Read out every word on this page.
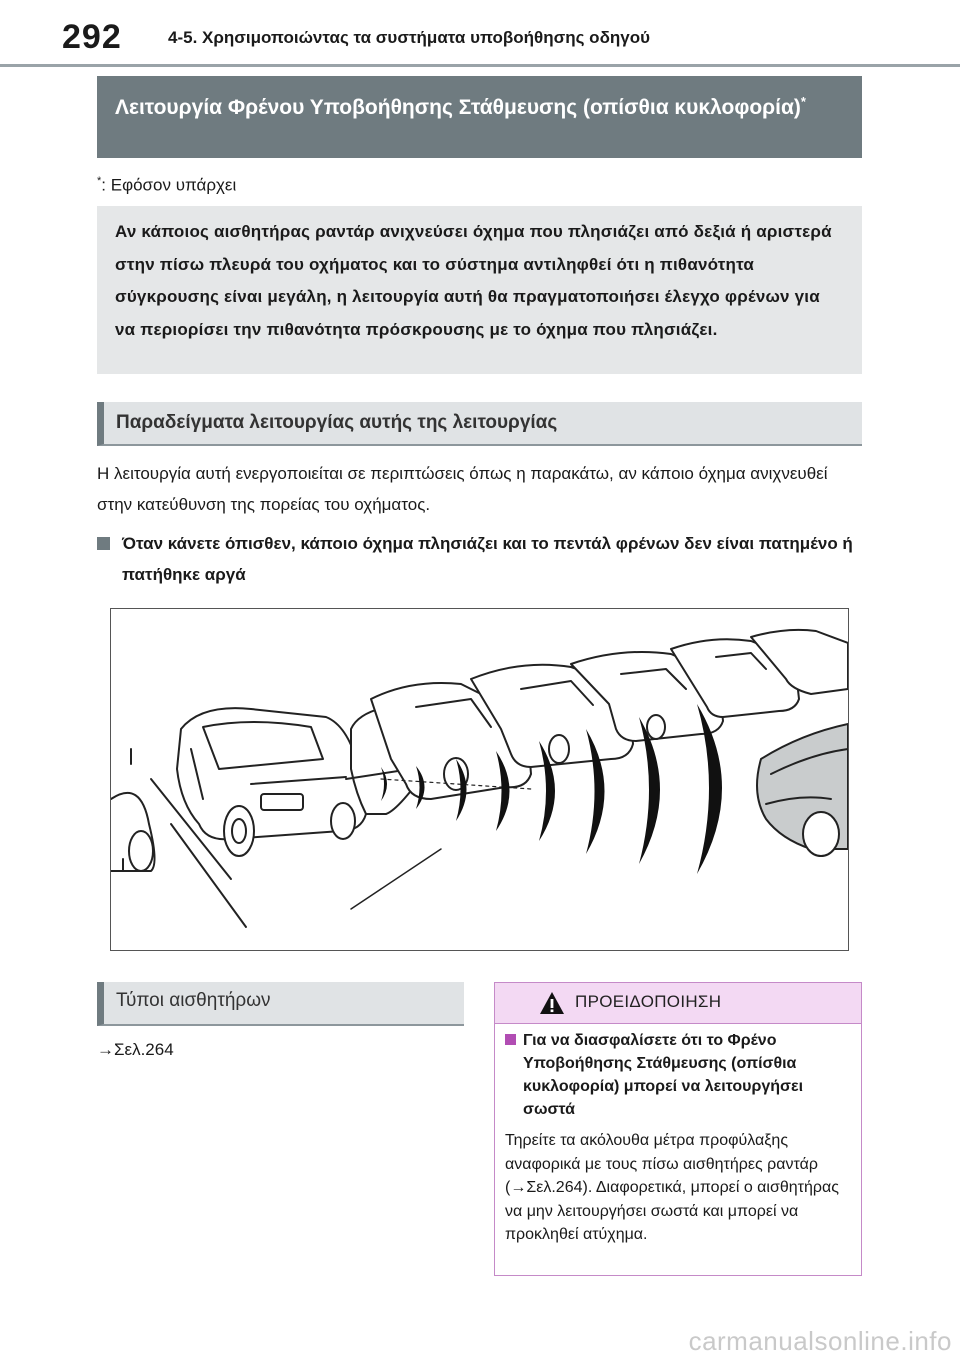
292	4-5. Χρησιμοποιώντας τα συστήματα υποβοήθησης οδηγού
Λειτουργία Φρένου Υποβοήθησης Στάθμευσης (οπίσθια κυκλοφορία)*
*: Εφόσον υπάρχει
Αν κάποιος αισθητήρας ραντάρ ανιχνεύσει όχημα που πλησιάζει από δεξιά ή αριστερά στην πίσω πλευρά του οχήματος και το σύστημα αντιληφθεί ότι η πιθανότητα σύγκρουσης είναι μεγάλη, η λειτουργία αυτή θα πραγματοποιήσει έλεγχο φρένων για να περιορίσει την πιθανότητα πρόσκρουσης με το όχημα που πλησιάζει.
Παραδείγματα λειτουργίας αυτής της λειτουργίας
Η λειτουργία αυτή ενεργοποιείται σε περιπτώσεις όπως η παρακάτω, αν κάποιο όχημα ανιχνευθεί στην κατεύθυνση της πορείας του οχήματος.
Όταν κάνετε όπισθεν, κάποιο όχημα πλησιάζει και το πεντάλ φρένων δεν είναι πατημένο ή πατήθηκε αργά
Τύποι αισθητήρων
→Σελ.264
ΠΡΟΕΙΔΟΠΟΙΗΣΗ
Για να διασφαλίσετε ότι το Φρένο Υποβοήθησης Στάθμευσης (οπίσθια κυκλοφορία) μπορεί να λειτουργήσει σωστά
Τηρείτε τα ακόλουθα μέτρα προφύλαξης αναφορικά με τους πίσω αισθητήρες ραντάρ (→Σελ.264). Διαφορετικά, μπορεί ο αισθητήρας να μην λειτουργήσει σωστά και μπορεί να προκληθεί ατύχημα.
carmanualsonline.info
